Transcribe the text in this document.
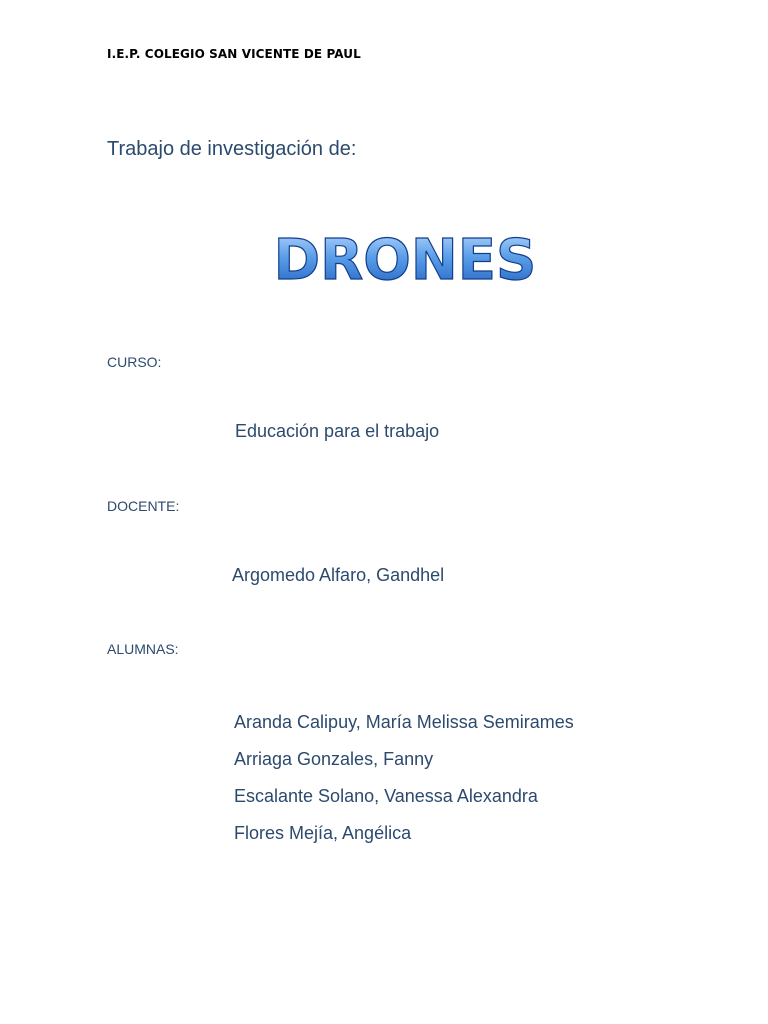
I.E.P. COLEGIO SAN VICENTE DE PAUL
Trabajo de investigación de:
DRONES
CURSO:
Educación para el trabajo
DOCENTE:
Argomedo Alfaro, Gandhel
ALUMNAS:
Aranda Calipuy, María Melissa Semirames
Arriaga Gonzales, Fanny
Escalante Solano, Vanessa Alexandra
Flores Mejía, Angélica
